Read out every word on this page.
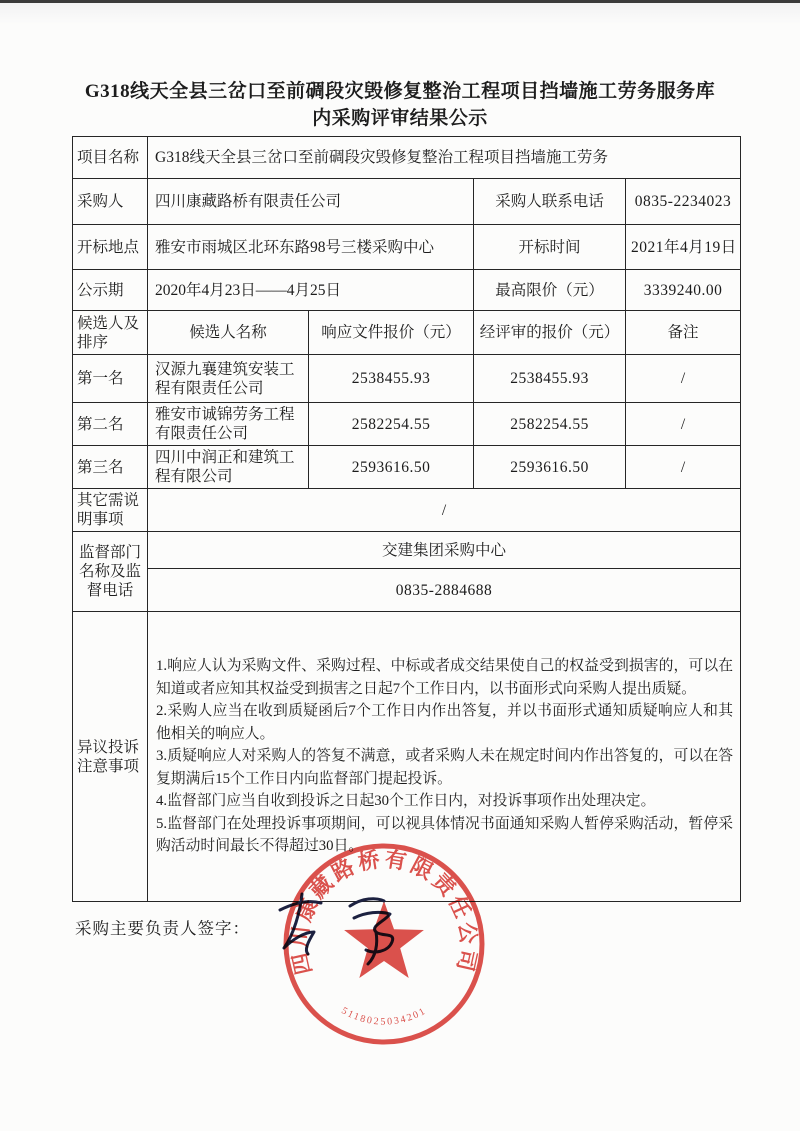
G318线天全县三岔口至前碉段灾毁修复整治工程项目挡墙施工劳务服务库
内采购评审结果公示
项目名称	G318线天全县三岔口至前碉段灾毁修复整治工程项目挡墙施工劳务			
采购人	四川康藏路桥有限责任公司		采购人联系电话	0835-2234023
开标地点	雅安市雨城区北环东路98号三楼采购中心		开标时间	2021年4月19日
公示期	2020年4月23日——4月25日		最高限价（元）	3339240.00
候选人及排序	候选人名称	响应文件报价（元）	经评审的报价（元）	备注
第一名	汉源九襄建筑安装工程有限责任公司	2538455.93	2538455.93	/
第二名	雅安市诚锦劳务工程有限责任公司	2582254.55	2582254.55	/
第三名	四川中润正和建筑工程有限公司	2593616.50	2593616.50	/
其它需说明事项	/			
监督部门名称及监督电话	交建集团采购中心			
	0835-2884688			
异议投诉注意事项	1.响应人认为采购文件、采购过程、中标或者成交结果使自己的权益受到损害的，可以在知道或者应知其权益受到损害之日起7个工作日内，以书面形式向采购人提出质疑。

2.采购人应当在收到质疑函后7个工作日内作出答复，并以书面形式通知质疑响应人和其他相关的响应人。

3.质疑响应人对采购人的答复不满意，或者采购人未在规定时间内作出答复的，可以在答复期满后15个工作日内向监督部门提起投诉。

4.监督部门应当自收到投诉之日起30个工作日内，对投诉事项作出处理决定。

5.监督部门在处理投诉事项期间，可以视具体情况书面通知采购人暂停采购活动，暂停采购活动时间最长不得超过30日。			

采购主要负责人签字：
四川康藏路桥有限责任公司
5118025034201
